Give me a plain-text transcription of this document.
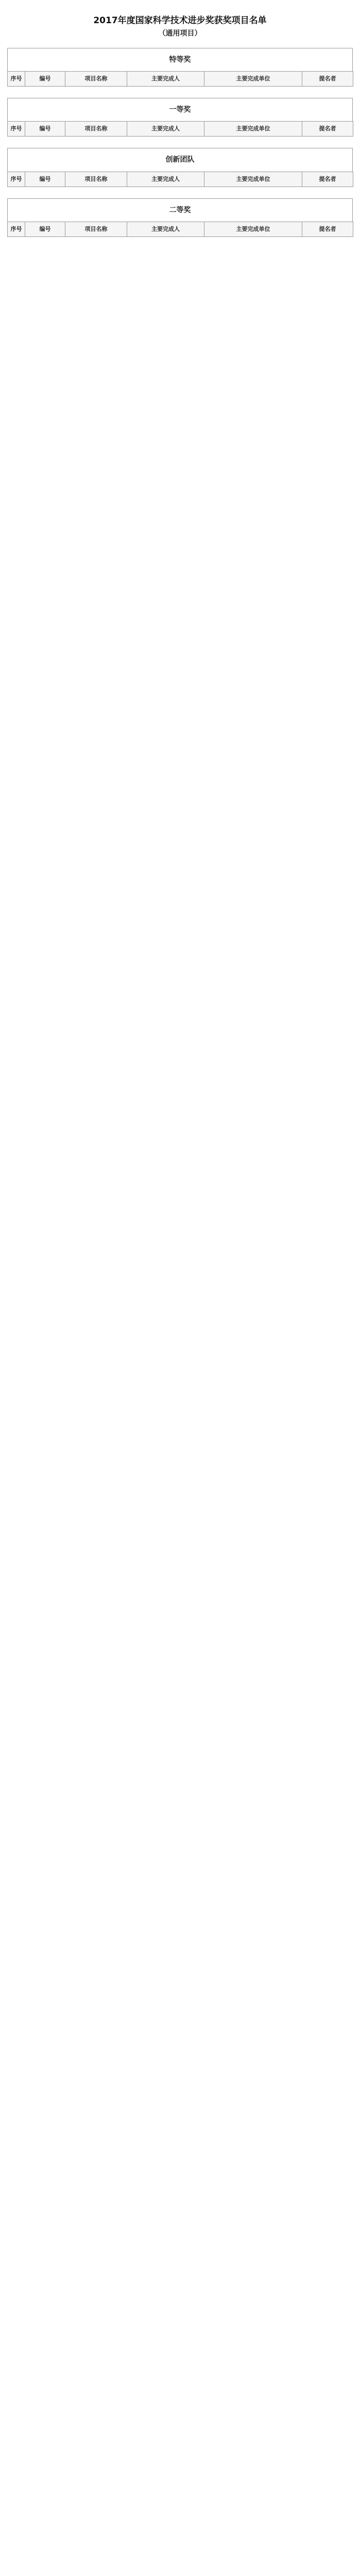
2017年度国家科学技术进步奖获奖项目名单
（通用项目）
特等奖
序号	编号	项目名称	主要完成人	主要完成单位	提名者
一等奖
序号	编号	项目名称	主要完成人	主要完成单位	提名者
创新团队
序号	编号	项目名称	主要完成人	主要完成单位	提名者
二等奖
序号	编号	项目名称	主要完成人	主要完成单位	提名者
